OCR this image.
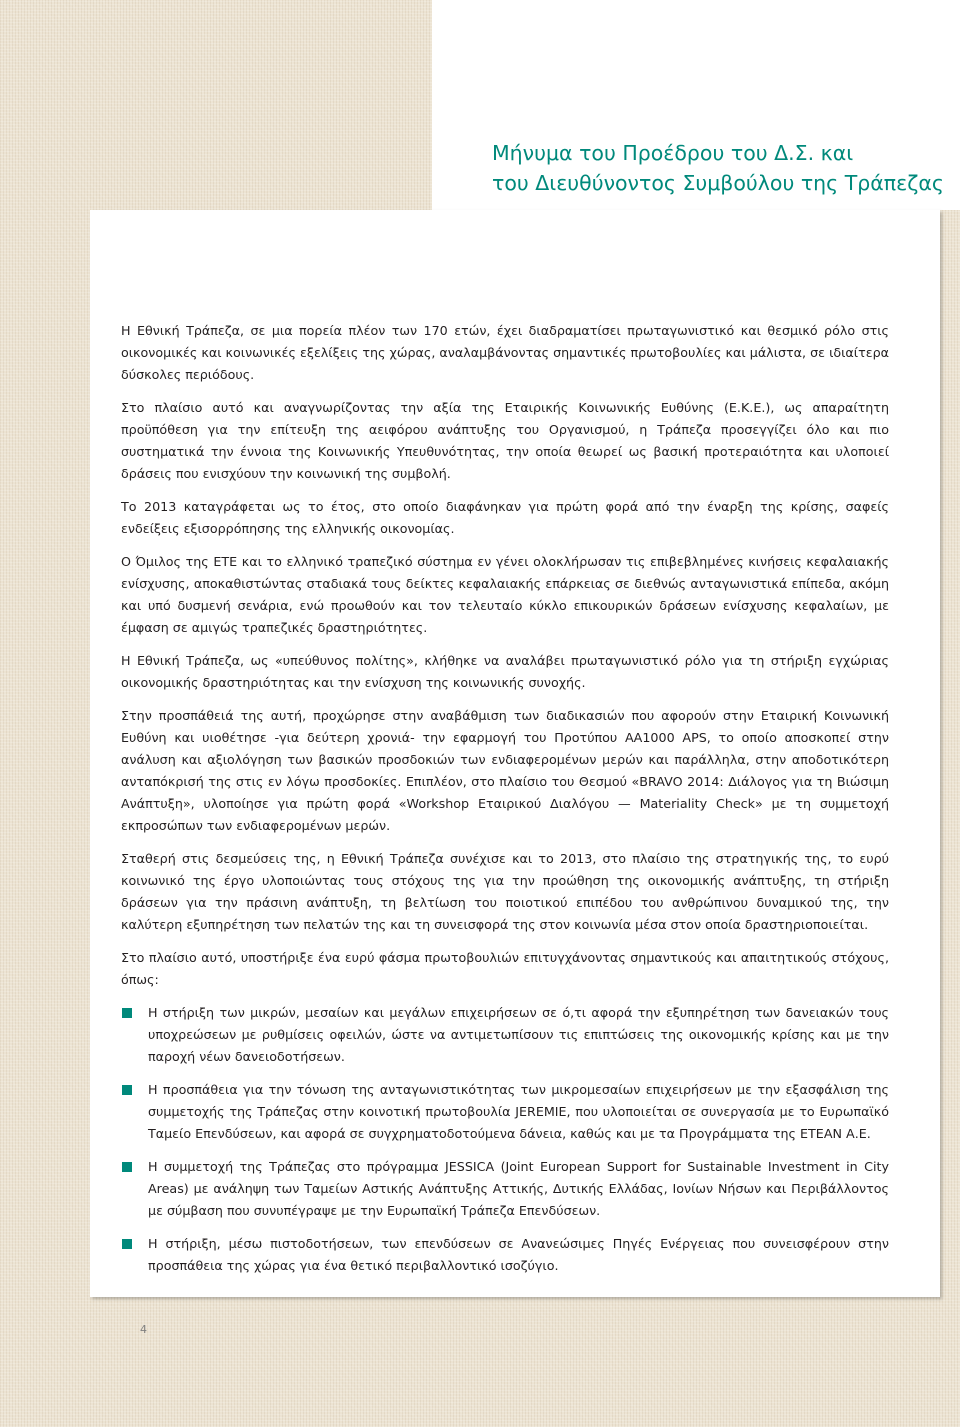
Μήνυμα του Προέδρου του Δ.Σ. και
του Διευθύνοντος Συμβούλου της Τράπεζας

Η Εθνική Τράπεζα, σε μια πορεία πλέον των 170 ετών, έχει διαδραματίσει πρωταγωνιστικό και θεσμικό ρόλο στις οικονομικές και κοινωνικές εξελίξεις της χώρας, αναλαμβάνοντας σημαντικές πρωτοβουλίες και μάλιστα, σε ιδιαίτερα δύσκολες περιόδους.

Στο πλαίσιο αυτό και αναγνωρίζοντας την αξία της Εταιρικής Κοινωνικής Ευθύνης (Ε.Κ.Ε.), ως απαραίτητη προϋπόθεση για την επίτευξη της αειφόρου ανάπτυξης του Οργανισμού, η Τράπεζα προσεγγίζει όλο και πιο συστηματικά την έννοια της Κοινωνικής Υπευθυνότητας, την οποία θεωρεί ως βασική προτεραιότητα και υλοποιεί δράσεις που ενισχύουν την κοινωνική της συμβολή.

Το 2013 καταγράφεται ως το έτος, στο οποίο διαφάνηκαν για πρώτη φορά από την έναρξη της κρίσης, σαφείς ενδείξεις εξισορρόπησης της ελληνικής οικονομίας.

Ο Όμιλος της ΕΤΕ και το ελληνικό τραπεζικό σύστημα εν γένει ολοκλήρωσαν τις επιβεβλημένες κινήσεις κεφαλαιακής ενίσχυσης, αποκαθιστώντας σταδιακά τους δείκτες κεφαλαιακής επάρκειας σε διεθνώς ανταγωνιστικά επίπεδα, ακόμη και υπό δυσμενή σενάρια, ενώ προωθούν και τον τελευταίο κύκλο επικουρικών δράσεων ενίσχυσης κεφαλαίων, με έμφαση σε αμιγώς τραπεζικές δραστηριότητες.

Η Εθνική Τράπεζα, ως «υπεύθυνος πολίτης», κλήθηκε να αναλάβει πρωταγωνιστικό ρόλο για τη στήριξη εγχώριας οικονομικής δραστηριότητας και την ενίσχυση της κοινωνικής συνοχής.

Στην προσπάθειά της αυτή, προχώρησε στην αναβάθμιση των διαδικασιών που αφορούν στην Εταιρική Κοινωνική Ευθύνη και υιοθέτησε -για δεύτερη χρονιά- την εφαρμογή του Προτύπου ΑΑ1000 APS, το οποίο αποσκοπεί στην ανάλυση και αξιολόγηση των βασικών προσδοκιών των ενδιαφερομένων μερών και παράλληλα, στην αποδοτικότερη ανταπόκρισή της στις εν λόγω προσδοκίες. Επιπλέον, στο πλαίσιο του Θεσμού «BRAVO 2014: Διάλογος για τη Βιώσιμη Ανάπτυξη», υλοποίησε για πρώτη φορά «Workshop Εταιρικού Διαλόγου — Materiality Check» με τη συμμετοχή εκπροσώπων των ενδιαφερομένων μερών.

Σταθερή στις δεσμεύσεις της, η Εθνική Τράπεζα συνέχισε και το 2013, στο πλαίσιο της στρατηγικής της, το ευρύ κοινωνικό της έργο υλοποιώντας τους στόχους της για την προώθηση της οικονομικής ανάπτυξης, τη στήριξη δράσεων για την πράσινη ανάπτυξη, τη βελτίωση του ποιοτικού επιπέδου του ανθρώπινου δυναμικού της, την καλύτερη εξυπηρέτηση των πελατών της και τη συνεισφορά της στον κοινωνία μέσα στον οποία δραστηριοποιείται.

Στο πλαίσιο αυτό, υποστήριξε ένα ευρύ φάσμα πρωτοβουλιών επιτυγχάνοντας σημαντικούς και απαιτητικούς στόχους, όπως:

Η στήριξη των μικρών, μεσαίων και μεγάλων επιχειρήσεων σε ό,τι αφορά την εξυπηρέτηση των δανειακών τους υποχρεώσεων με ρυθμίσεις οφειλών, ώστε να αντιμετωπίσουν τις επιπτώσεις της οικονομικής κρίσης και με την παροχή νέων δανειοδοτήσεων.
Η προσπάθεια για την τόνωση της ανταγωνιστικότητας των μικρομεσαίων επιχειρήσεων με την εξασφάλιση της συμμετοχής της Τράπεζας στην κοινοτική πρωτοβουλία JEREMIE, που υλοποιείται σε συνεργασία με το Ευρωπαϊκό Ταμείο Επενδύσεων, και αφορά σε συγχρηματοδοτούμενα δάνεια, καθώς και με τα Προγράμματα της ΕΤΕΑΝ Α.Ε.
Η συμμετοχή της Τράπεζας στο πρόγραμμα JESSICA (Joint European Support for Sustainable Investment in City Areas) με ανάληψη των Ταμείων Αστικής Ανάπτυξης Αττικής, Δυτικής Ελλάδας, Ιονίων Νήσων και Περιβάλλοντος με σύμβαση που συνυπέγραψε με την Ευρωπαϊκή Τράπεζα Επενδύσεων.
Η στήριξη, μέσω πιστοδοτήσεων, των επενδύσεων σε Ανανεώσιμες Πηγές Ενέργειας που συνεισφέρουν στην προσπάθεια της χώρας για ένα θετικό περιβαλλοντικό ισοζύγιο.
4
